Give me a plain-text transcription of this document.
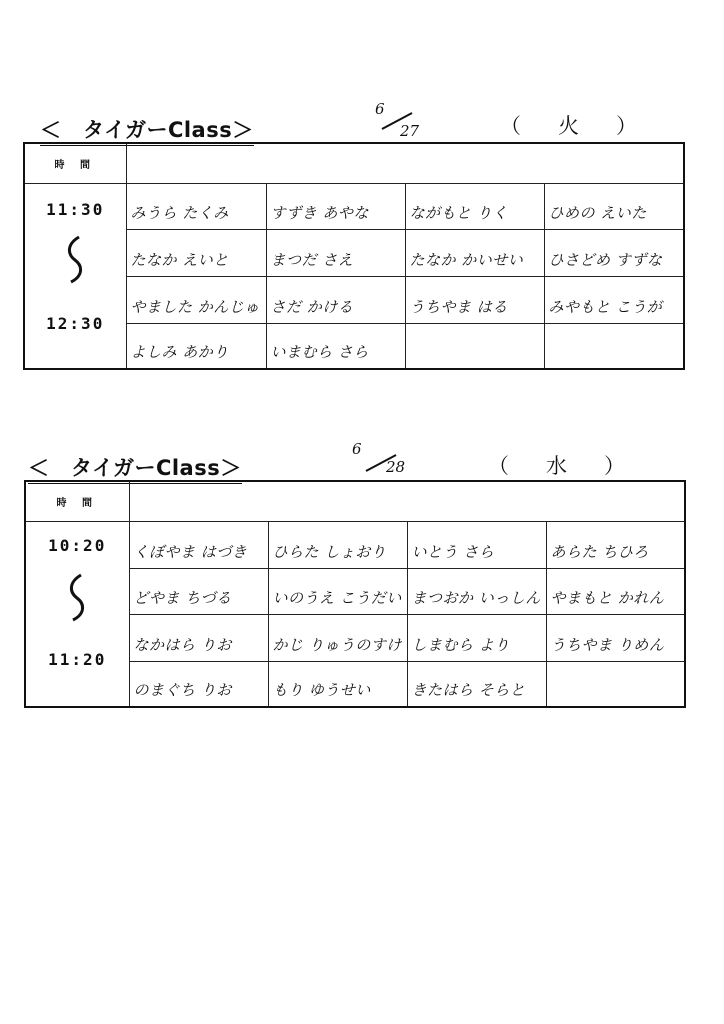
＜　タイガーClass＞
6
27	（　火　）
時 間				

11:30
12:30	みうら たくみ	すずき あやな	ながもと りく	ひめの えいた
	たなか えいと	まつだ さえ	たなか かいせい	ひさどめ すずな
	やました かんじゅ	さだ かける	うちやま はる	みやもと こうが
	よしみ あかり	いまむら さら		
＜　タイガーClass＞
6
28	（　水　）
時 間				

10:20
11:20	くぼやま はづき	ひらた しょおり	いとう さら	あらた ちひろ
	どやま ちづる	いのうえ こうだい	まつおか いっしん	やまもと かれん
	なかはら りお	かじ りゅうのすけ	しまむら より	うちやま りめん
	のまぐち りお	もり ゆうせい	きたはら そらと	
